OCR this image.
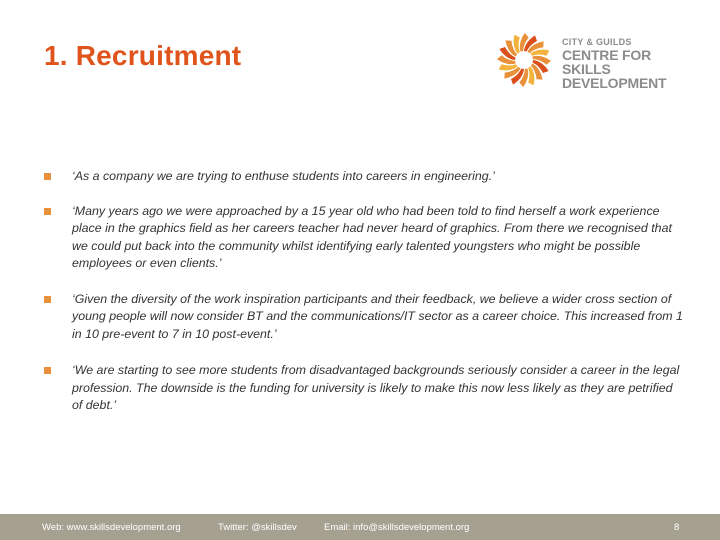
1. Recruitment	CITY & GUILDS
CENTRE FOR SKILLS
DEVELOPMENT
‘As a company we are trying to enthuse students into careers in engineering.’
‘Many years ago we were approached by a 15 year old who had been told to find herself a work experience place in the graphics field as her careers teacher had never heard of graphics. From there we recognised that we could put back into the community whilst identifying early talented youngsters who might be possible employees or even clients.’
‘Given the diversity of the work inspiration participants and their feedback, we believe a wider cross section of young people will now consider BT and the communications/IT sector as a career choice. This increased from 1 in 10 pre-event to 7 in 10 post-event.’
‘We are starting to see more students from disadvantaged backgrounds seriously consider a career in the legal profession. The downside is the funding for university is likely to make this now less likely as they are petrified of debt.’
Web: www.skillsdevelopment.org	Twitter: @skillsdev	Email: info@skillsdevelopment.org	8
